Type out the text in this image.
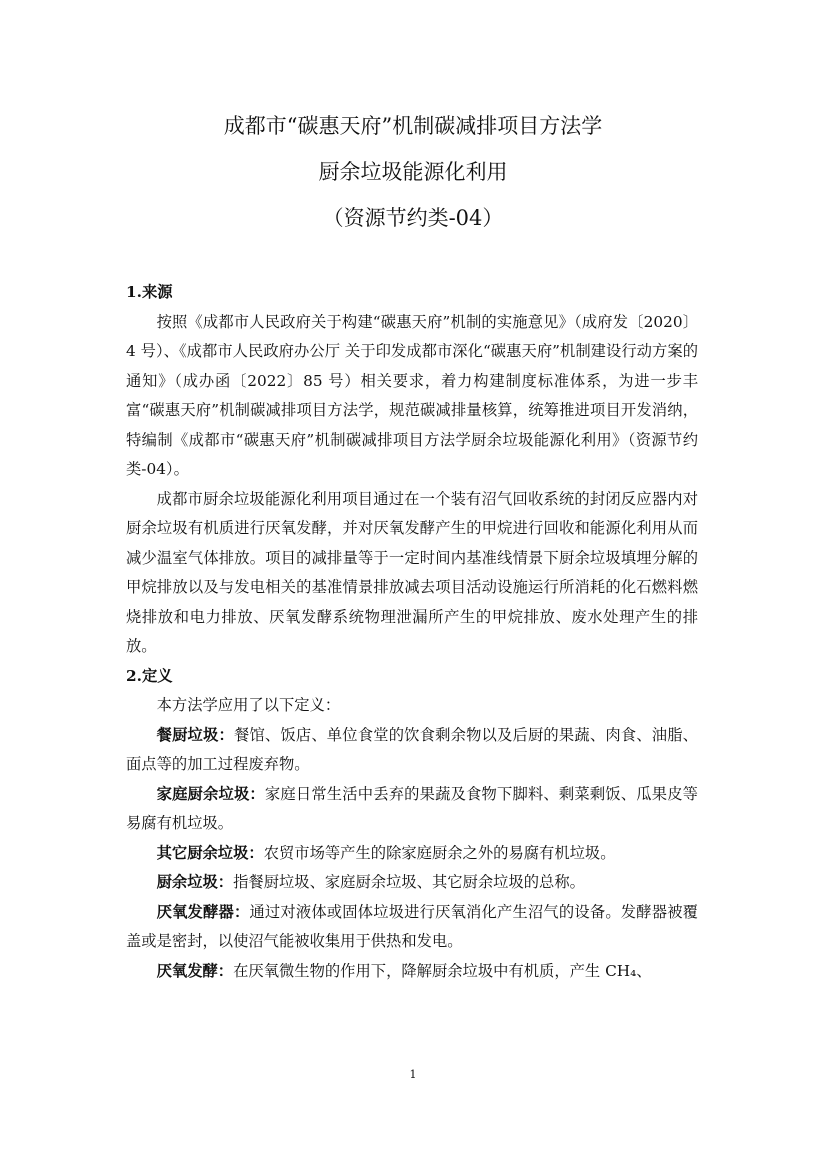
成都市“碳惠天府”机制碳减排项目方法学
厨余垃圾能源化利用
（资源节约类-04）

1.来源

按照《成都市人民政府关于构建“碳惠天府”机制的实施意见》（成府发〔2020〕4 号）、《成都市人民政府办公厅 关于印发成都市深化“碳惠天府”机制建设行动方案的通知》（成办函〔2022〕85 号）相关要求，着力构建制度标准体系，为进一步丰富“碳惠天府”机制碳减排项目方法学，规范碳减排量核算，统筹推进项目开发消纳，特编制《成都市“碳惠天府”机制碳减排项目方法学厨余垃圾能源化利用》（资源节约类-04）。

成都市厨余垃圾能源化利用项目通过在一个装有沼气回收系统的封闭反应器内对厨余垃圾有机质进行厌氧发酵，并对厌氧发酵产生的甲烷进行回收和能源化利用从而减少温室气体排放。项目的减排量等于一定时间内基准线情景下厨余垃圾填埋分解的甲烷排放以及与发电相关的基准情景排放减去项目活动设施运行所消耗的化石燃料燃烧排放和电力排放、厌氧发酵系统物理泄漏所产生的甲烷排放、废水处理产生的排放。

2.定义

本方法学应用了以下定义：

餐厨垃圾：餐馆、饭店、单位食堂的饮食剩余物以及后厨的果蔬、肉食、油脂、面点等的加工过程废弃物。

家庭厨余垃圾：家庭日常生活中丢弃的果蔬及食物下脚料、剩菜剩饭、瓜果皮等易腐有机垃圾。

其它厨余垃圾：农贸市场等产生的除家庭厨余之外的易腐有机垃圾。

厨余垃圾：指餐厨垃圾、家庭厨余垃圾、其它厨余垃圾的总称。

厌氧发酵器：通过对液体或固体垃圾进行厌氧消化产生沼气的设备。发酵器被覆盖或是密封，以使沼气能被收集用于供热和发电。

厌氧发酵：在厌氧微生物的作用下，降解厨余垃圾中有机质，产生 CH₄、

1
